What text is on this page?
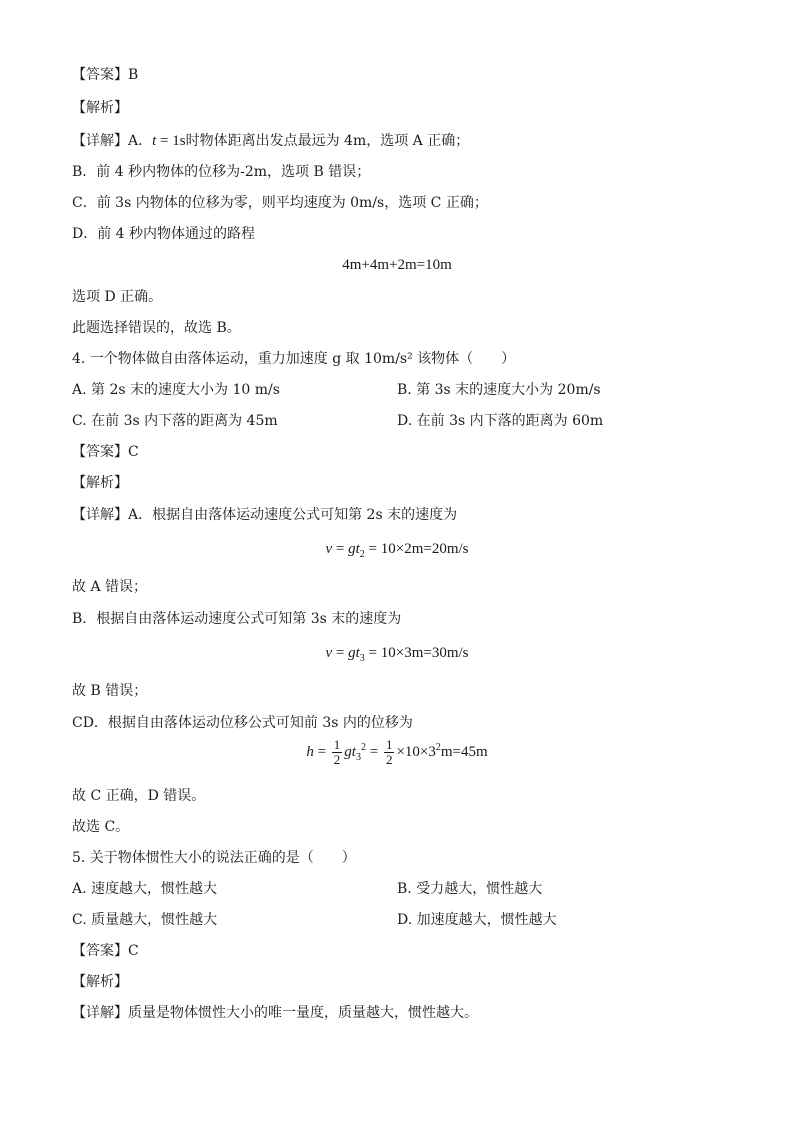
【答案】B
【解析】
【详解】A．t = 1s时物体距离出发点最远为 4m，选项 A 正确；
B．前 4 秒内物体的位移为-2m，选项 B 错误；
C．前 3s 内物体的位移为零，则平均速度为 0m/s，选项 C 正确；
D．前 4 秒内物体通过的路程
4m+4m+2m=10m
选项 D 正确。
此题选择错误的，故选 B。
4. 一个物体做自由落体运动，重力加速度 g 取 10m/s² 该物体（　　）
A. 第 2s 末的速度大小为 10 m/s	B. 第 3s 末的速度大小为 20m/s
C. 在前 3s 内下落的距离为 45m	D. 在前 3s 内下落的距离为 60m
【答案】C
【解析】
【详解】A．根据自由落体运动速度公式可知第 2s 末的速度为
$v = gt_2 = 10\times 2m=20m/s$
故 A 错误；
B．根据自由落体运动速度公式可知第 3s 末的速度为
$v = gt_3 = 10\times 3m=30m/s$
故 B 错误；
CD．根据自由落体运动位移公式可知前 3s 内的位移为
$h = \frac{1}{2} gt_3^2 = \frac{1}{2} \times 10\times 3^2m=45m$
故 C 正确，D 错误。
故选 C。
5. 关于物体惯性大小的说法正确的是（　　）
A. 速度越大，惯性越大	B. 受力越大，惯性越大
C. 质量越大，惯性越大	D. 加速度越大，惯性越大
【答案】C
【解析】
【详解】质量是物体惯性大小的唯一量度，质量越大，惯性越大。
